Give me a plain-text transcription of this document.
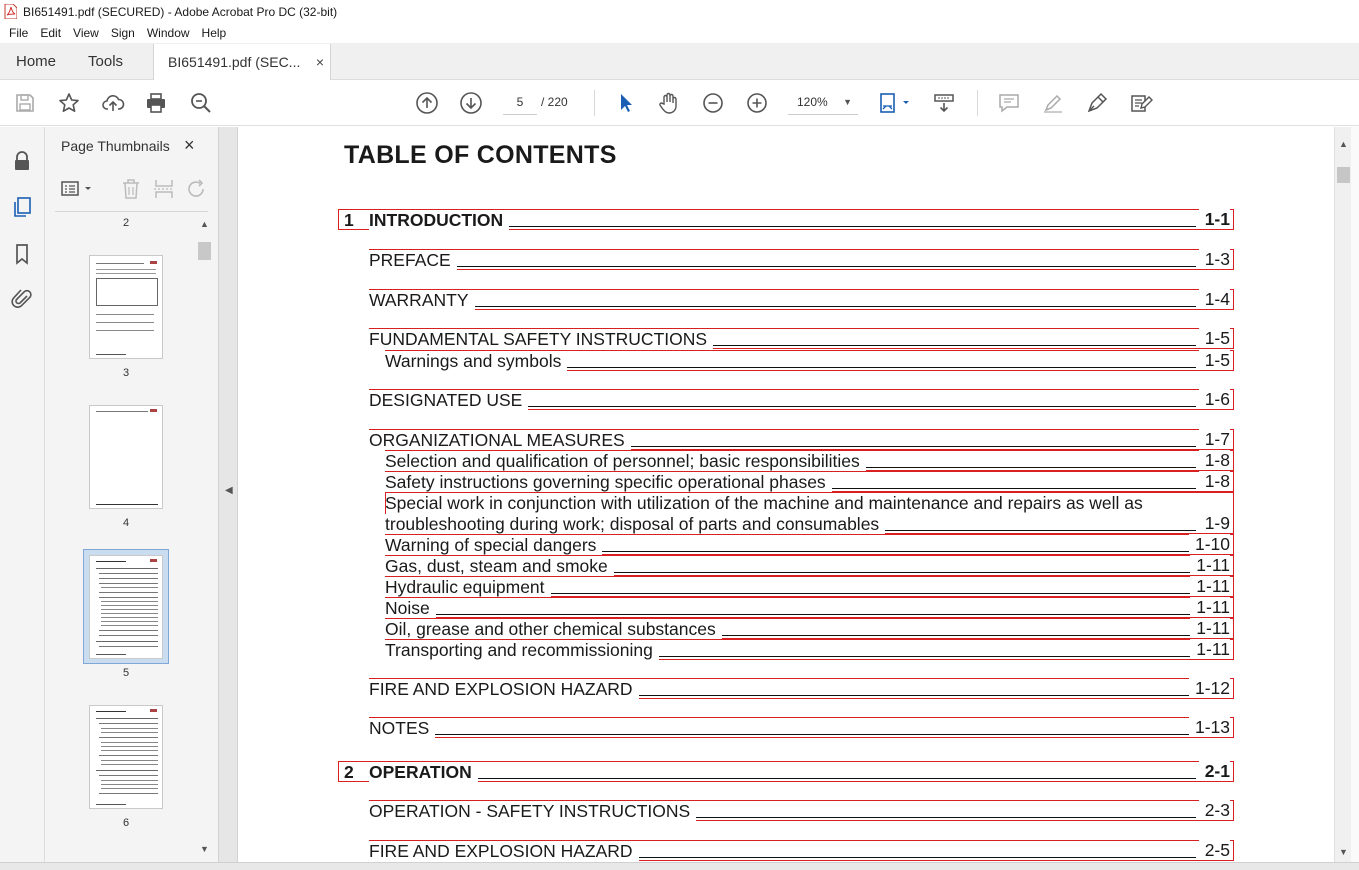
BI651491.pdf (SECURED) - Adobe Acrobat Pro DC (32-bit)
File	Edit	View	Sign	Window	Help
Home	Tools	BI651491.pdf (SEC... ×
5
/ 220	120% ▼
Page Thumbnails ×
2
3
4
5
6
▲
▼
◀
TABLE OF CONTENTS
1 INTRODUCTION	1-1
PREFACE	1-3
WARRANTY	1-4
FUNDAMENTAL SAFETY INSTRUCTIONS	1-5
Warnings and symbols	1-5
DESIGNATED USE	1-6
ORGANIZATIONAL MEASURES	1-7
Selection and qualification of personnel; basic responsibilities	1-8
Safety instructions governing specific operational phases	1-8
Special work in conjunction with utilization of the machine and maintenance and repairs as well as
troubleshooting during work; disposal of parts and consumables	1-9
Warning of special dangers	1-10
Gas, dust, steam and smoke	1-11
Hydraulic equipment	1-11
Noise	1-11
Oil, grease and other chemical substances	1-11
Transporting and recommissioning	1-11
FIRE AND EXPLOSION HAZARD	1-12
NOTES	1-13
2 OPERATION	2-1
OPERATION - SAFETY INSTRUCTIONS	2-3
FIRE AND EXPLOSION HAZARD	2-5
▲
▼
